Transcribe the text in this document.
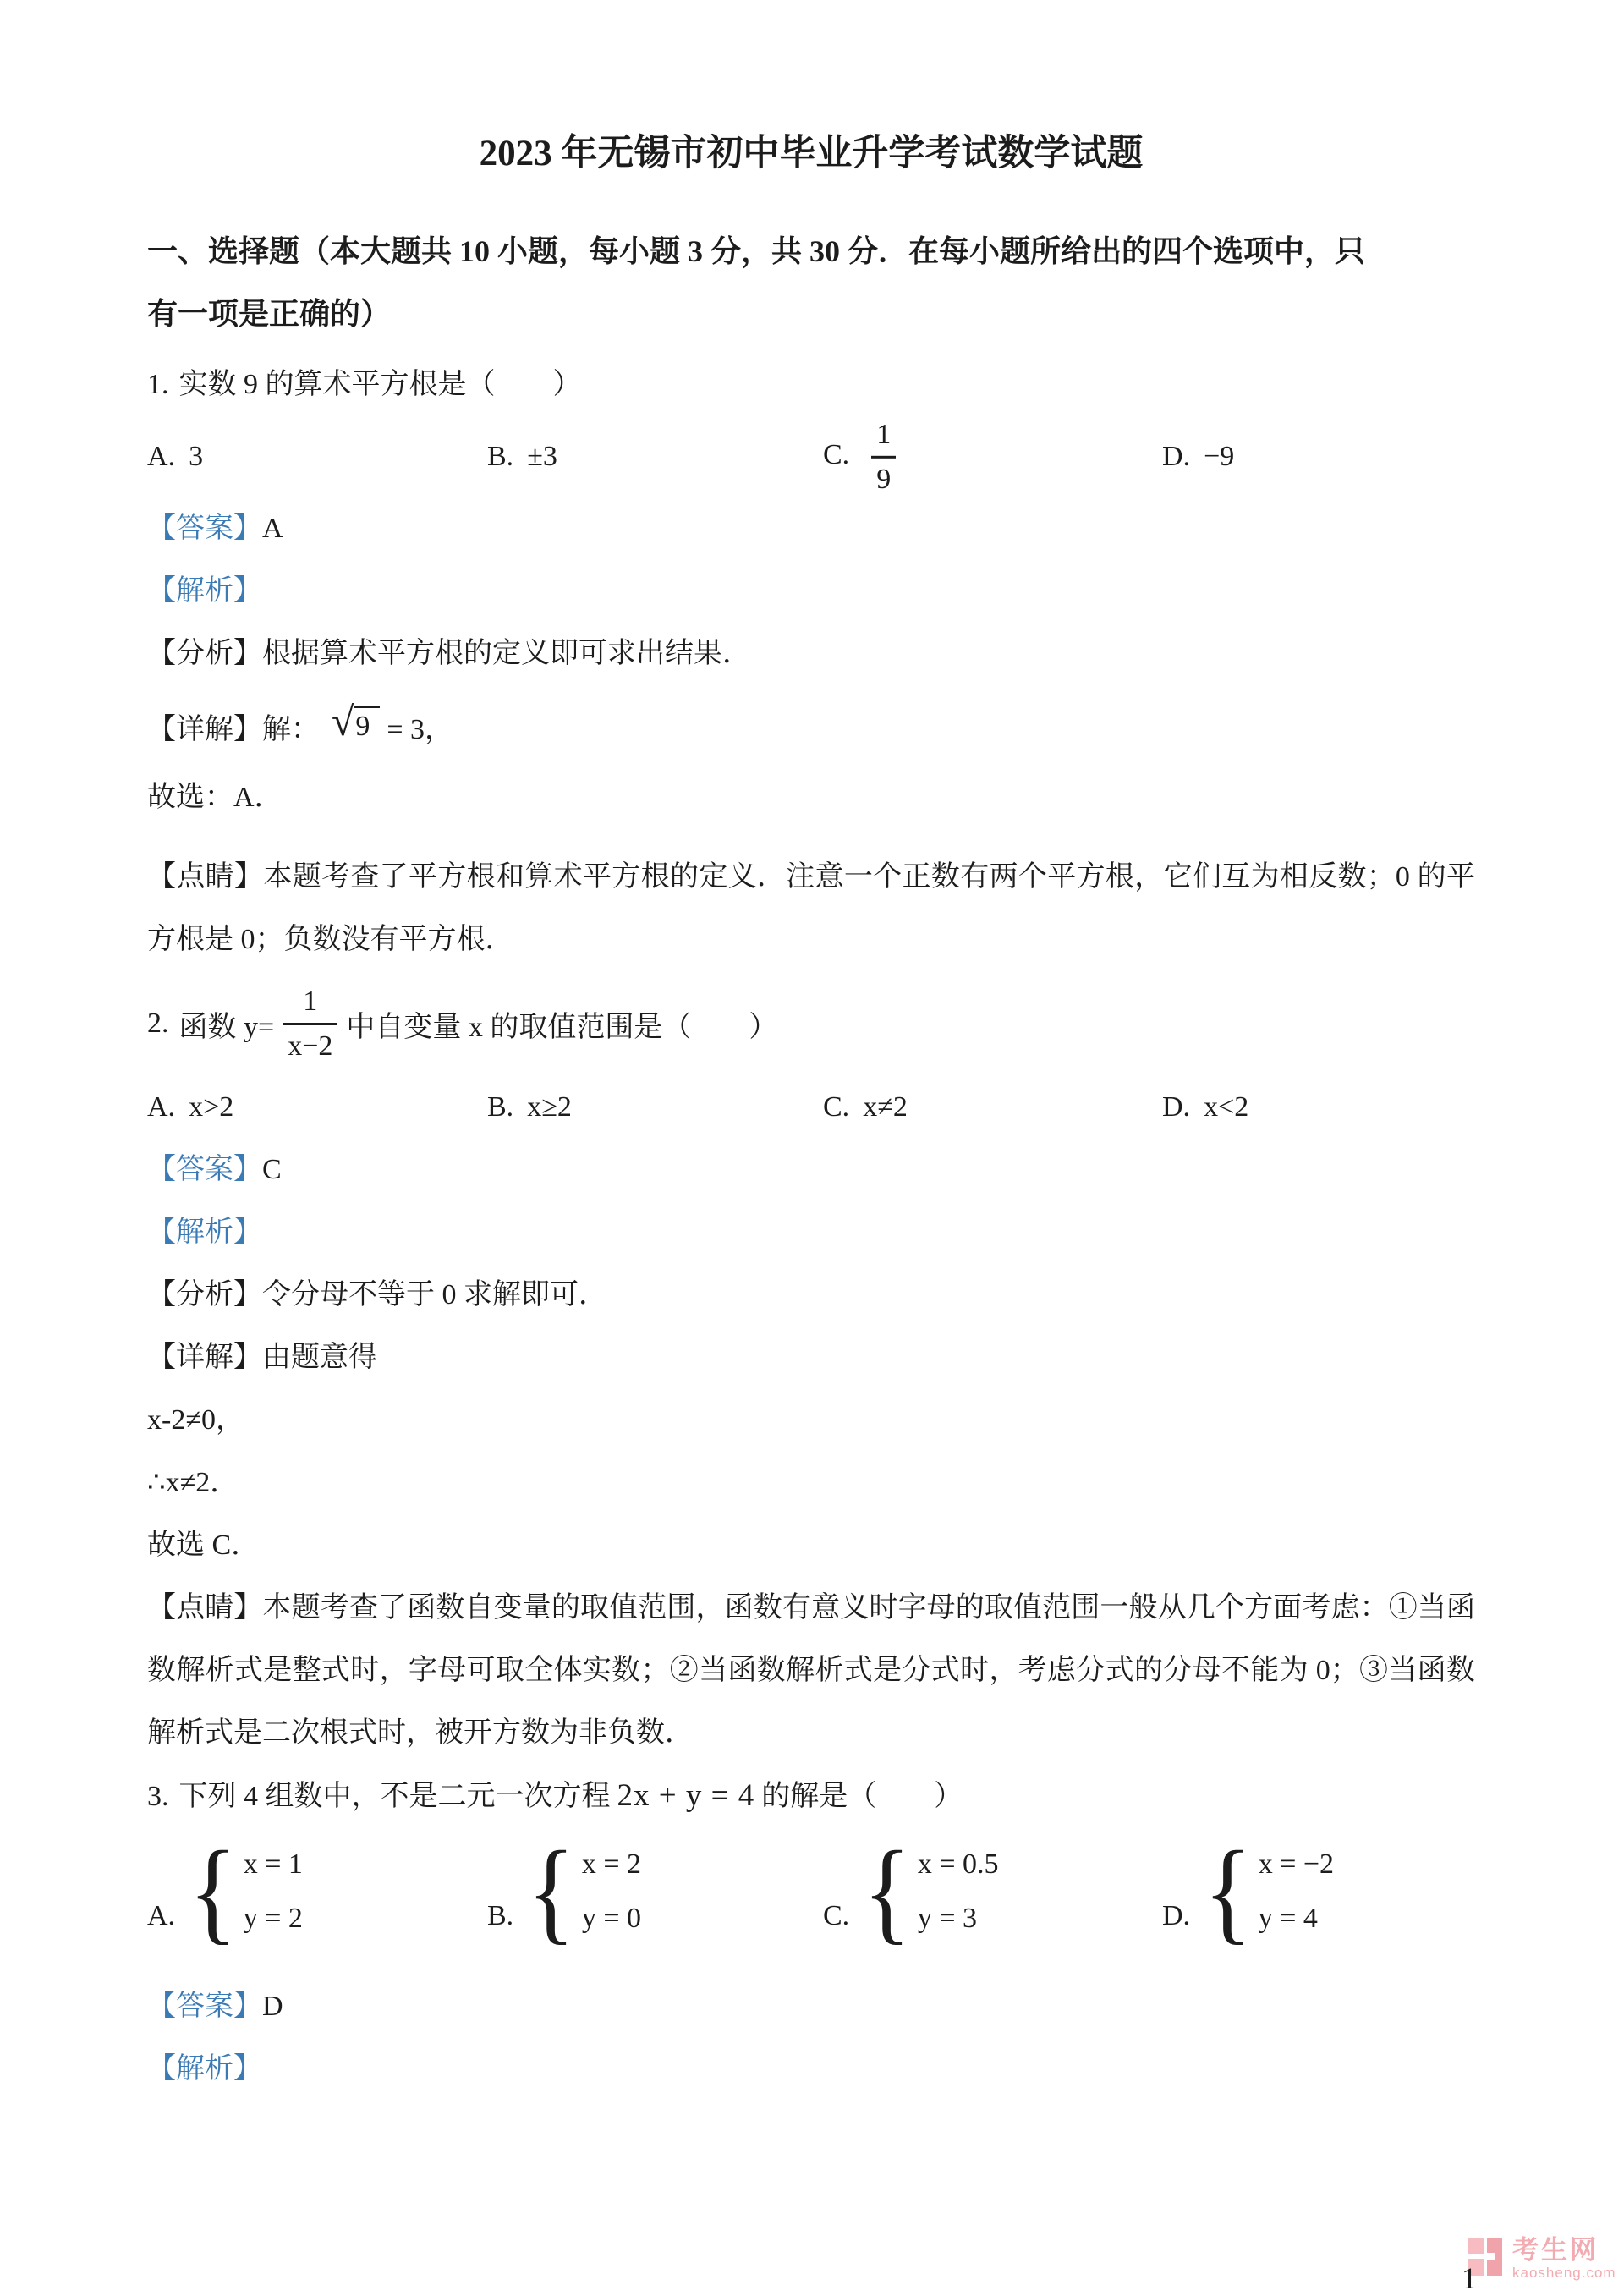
2023 年无锡市初中毕业升学考试数学试题
一、选择题（本大题共 10 小题，每小题 3 分，共 30 分．在每小题所给出的四个选项中，只
有一项是正确的）
1. 实数 9 的算术平方根是（　　）
A. 3	B. ±3	C. $\frac{1}{9}$	D. −9
【答案】A
【解析】
【分析】根据算术平方根的定义即可求出结果．
【详解】 解： √ 9 = 3，
故选：A．
【点睛】本题考查了平方根和算术平方根的定义．注意一个正数有两个平方根，它们互为相反数；0 的平方根是 0；负数没有平方根．
2. 函数 $y= \frac{1}{x-2}$ 中自变量 x 的取值范围是（　　）
A. x>2	B. x≥2	C. x≠2	D. x<2
【答案】C
【解析】
【分析】令分母不等于 0 求解即可．
【详解】由题意得
x-2≠0，
∴x≠2．
故选 C．
【点睛】本题考查了函数自变量的取值范围，函数有意义时字母的取值范围一般从几个方面考虑：①当函数解析式是整式时，字母可取全体实数；②当函数解析式是分式时，考虑分式的分母不能为 0；③当函数解析式是二次根式时，被开方数为非负数．
3. 下列 4 组数中，不是二元一次方程 2x + y = 4 的解是（　　）
A. { x = 1
y = 2	B. { x = 2
y = 0	C. { x = 0.5
y = 3	D. { x = −2
y = 4
【答案】D
【解析】
考生网
kaosheng.com
1
